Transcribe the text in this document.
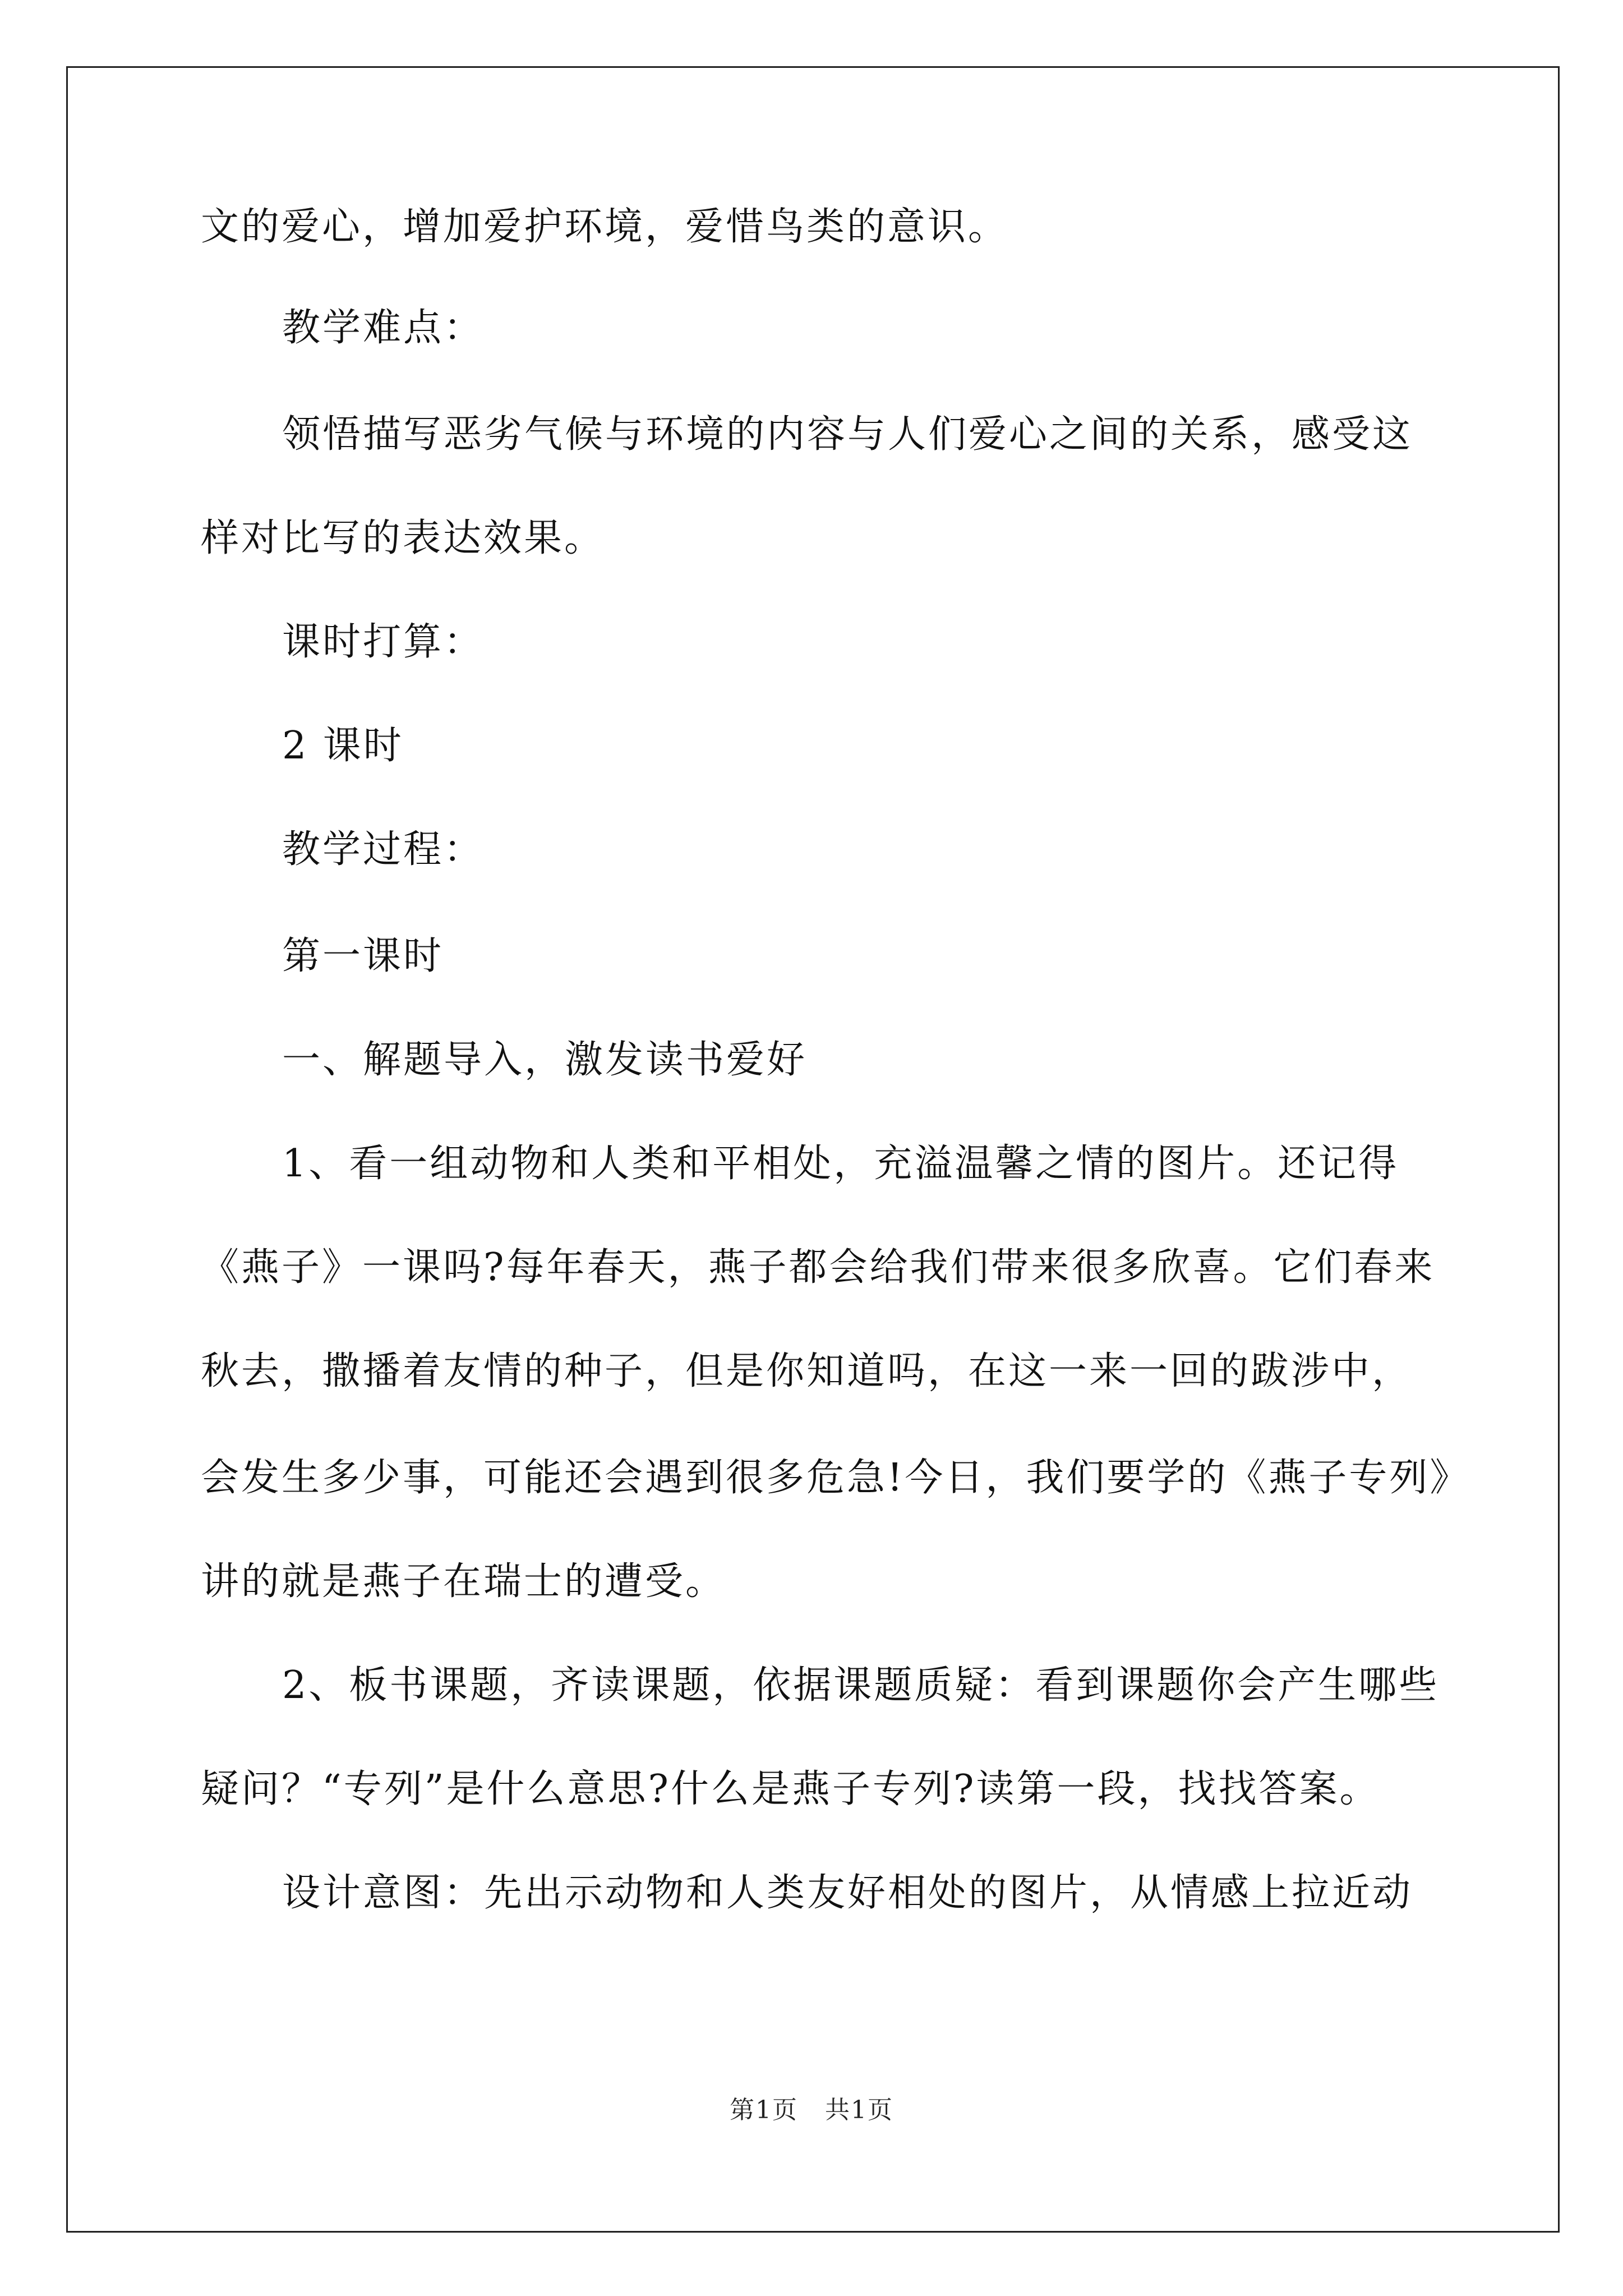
文的爱心，增加爱护环境，爱惜鸟类的意识。
教学难点：
领悟描写恶劣气候与环境的内容与人们爱心之间的关系，感受这
样对比写的表达效果。
课时打算：
2 课时
教学过程：
第一课时
一、解题导入，激发读书爱好
1、看一组动物和人类和平相处，充溢温馨之情的图片。还记得
《燕子》一课吗?每年春天，燕子都会给我们带来很多欣喜。它们春来
秋去，撒播着友情的种子，但是你知道吗，在这一来一回的跋涉中，
会发生多少事，可能还会遇到很多危急!今日，我们要学的《燕子专列》
讲的就是燕子在瑞士的遭受。
2、板书课题，齐读课题，依据课题质疑：看到课题你会产生哪些
疑问？“专列”是什么意思?什么是燕子专列?读第一段，找找答案。
设计意图：先出示动物和人类友好相处的图片，从情感上拉近动
第1页 共1页
